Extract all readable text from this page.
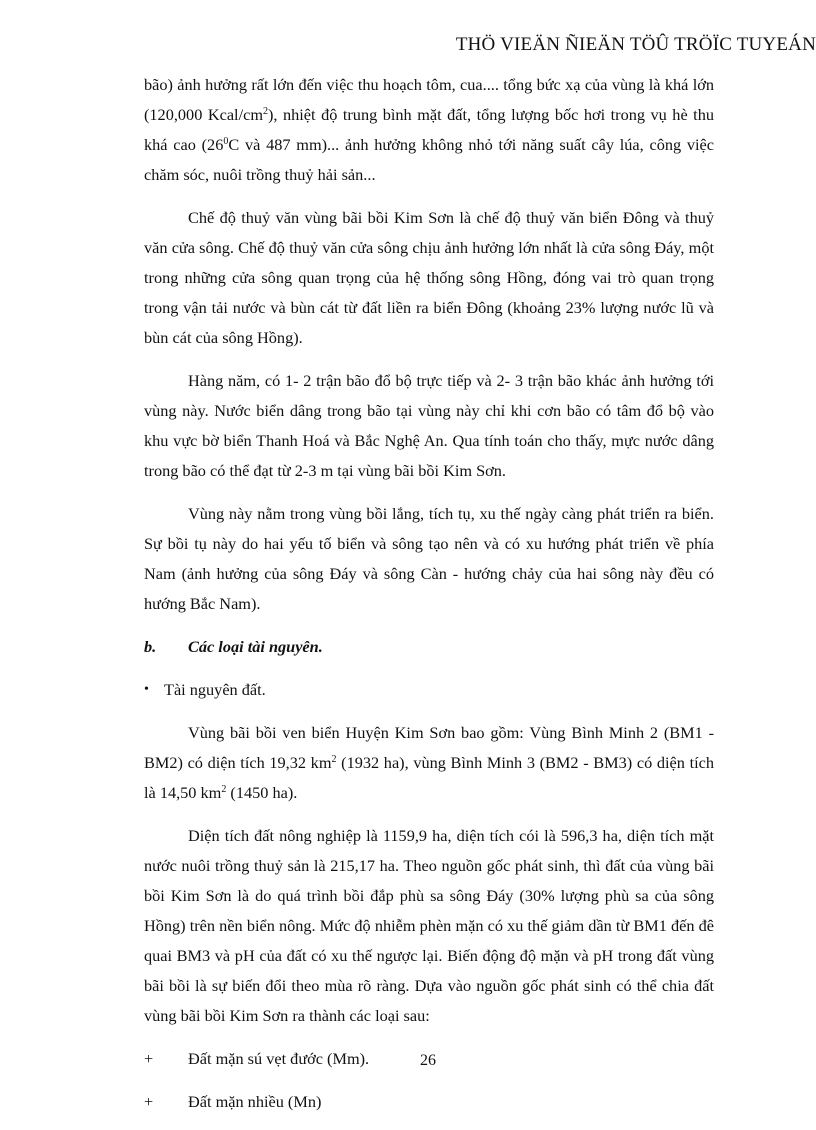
THÖ VIEÄN ÑIEÄN TÖÛ TRÖÏC TUYEÁN

bão) ảnh hưởng rất lớn đến việc thu hoạch tôm, cua.... tổng bức xạ của vùng là khá lớn (120,000 Kcal/$cm^2$), nhiệt độ trung bình mặt đất, tổng lượng bốc hơi trong vụ hè thu khá cao ($26^0C$ và 487 mm)... ảnh hưởng không nhỏ tới năng suất cây lúa, công việc chăm sóc, nuôi trồng thuỷ hải sản...

Chế độ thuỷ văn vùng bãi bồi Kim Sơn là chế độ thuỷ văn biển Đông và thuỷ văn cửa sông. Chế độ thuỷ văn cửa sông chịu ảnh hưởng lớn nhất là cửa sông Đáy, một trong những cửa sông quan trọng của hệ thống sông Hồng, đóng vai trò quan trọng trong vận tải nước và bùn cát từ đất liền ra biển Đông (khoảng 23% lượng nước lũ và bùn cát của sông Hồng).

Hàng năm, có 1- 2 trận bão đổ bộ trực tiếp và 2- 3 trận bão khác ảnh hưởng tới vùng này. Nước biển dâng trong bão tại vùng này chỉ khi cơn bão có tâm đổ bộ vào khu vực bờ biển Thanh Hoá và Bắc Nghệ An. Qua tính toán cho thấy, mực nước dâng trong bão có thể đạt từ 2-3 m tại vùng bãi bồi Kim Sơn.

Vùng này nằm trong vùng bồi lắng, tích tụ, xu thế ngày càng phát triển ra biển. Sự bồi tụ này do hai yếu tố biển và sông tạo nên và có xu hướng phát triển về phía Nam (ảnh hưởng của sông Đáy và sông Càn - hướng chảy của hai sông này đều có hướng Bắc Nam).

b.	Các loại tài nguyên.
• Tài nguyên đất.

Vùng bãi bồi ven biển Huyện Kim Sơn bao gồm: Vùng Bình Minh 2 (BM1 - BM2) có diện tích 19,32 $km^2$ (1932 ha), vùng Bình Minh 3 (BM2 - BM3) có diện tích là 14,50 $km^2$ (1450 ha).

Diện tích đất nông nghiệp là 1159,9 ha, diện tích cói là 596,3 ha, diện tích mặt nước nuôi trồng thuỷ sản là 215,17 ha. Theo nguồn gốc phát sinh, thì đất của vùng bãi bồi Kim Sơn là do quá trình bồi đắp phù sa sông Đáy (30% lượng phù sa của sông Hồng) trên nền biển nông. Mức độ nhiễm phèn mặn có xu thế giảm dần từ BM1 đến đê quai BM3 và pH của đất có xu thế ngược lại. Biến động độ mặn và pH trong đất vùng bãi bồi là sự biến đổi theo mùa rõ ràng. Dựa vào nguồn gốc phát sinh có thể chia đất vùng bãi bồi Kim Sơn ra thành các loại sau:

+	Đất mặn sú vẹt đước (Mm).
+	Đất mặn nhiều (Mn)
26
